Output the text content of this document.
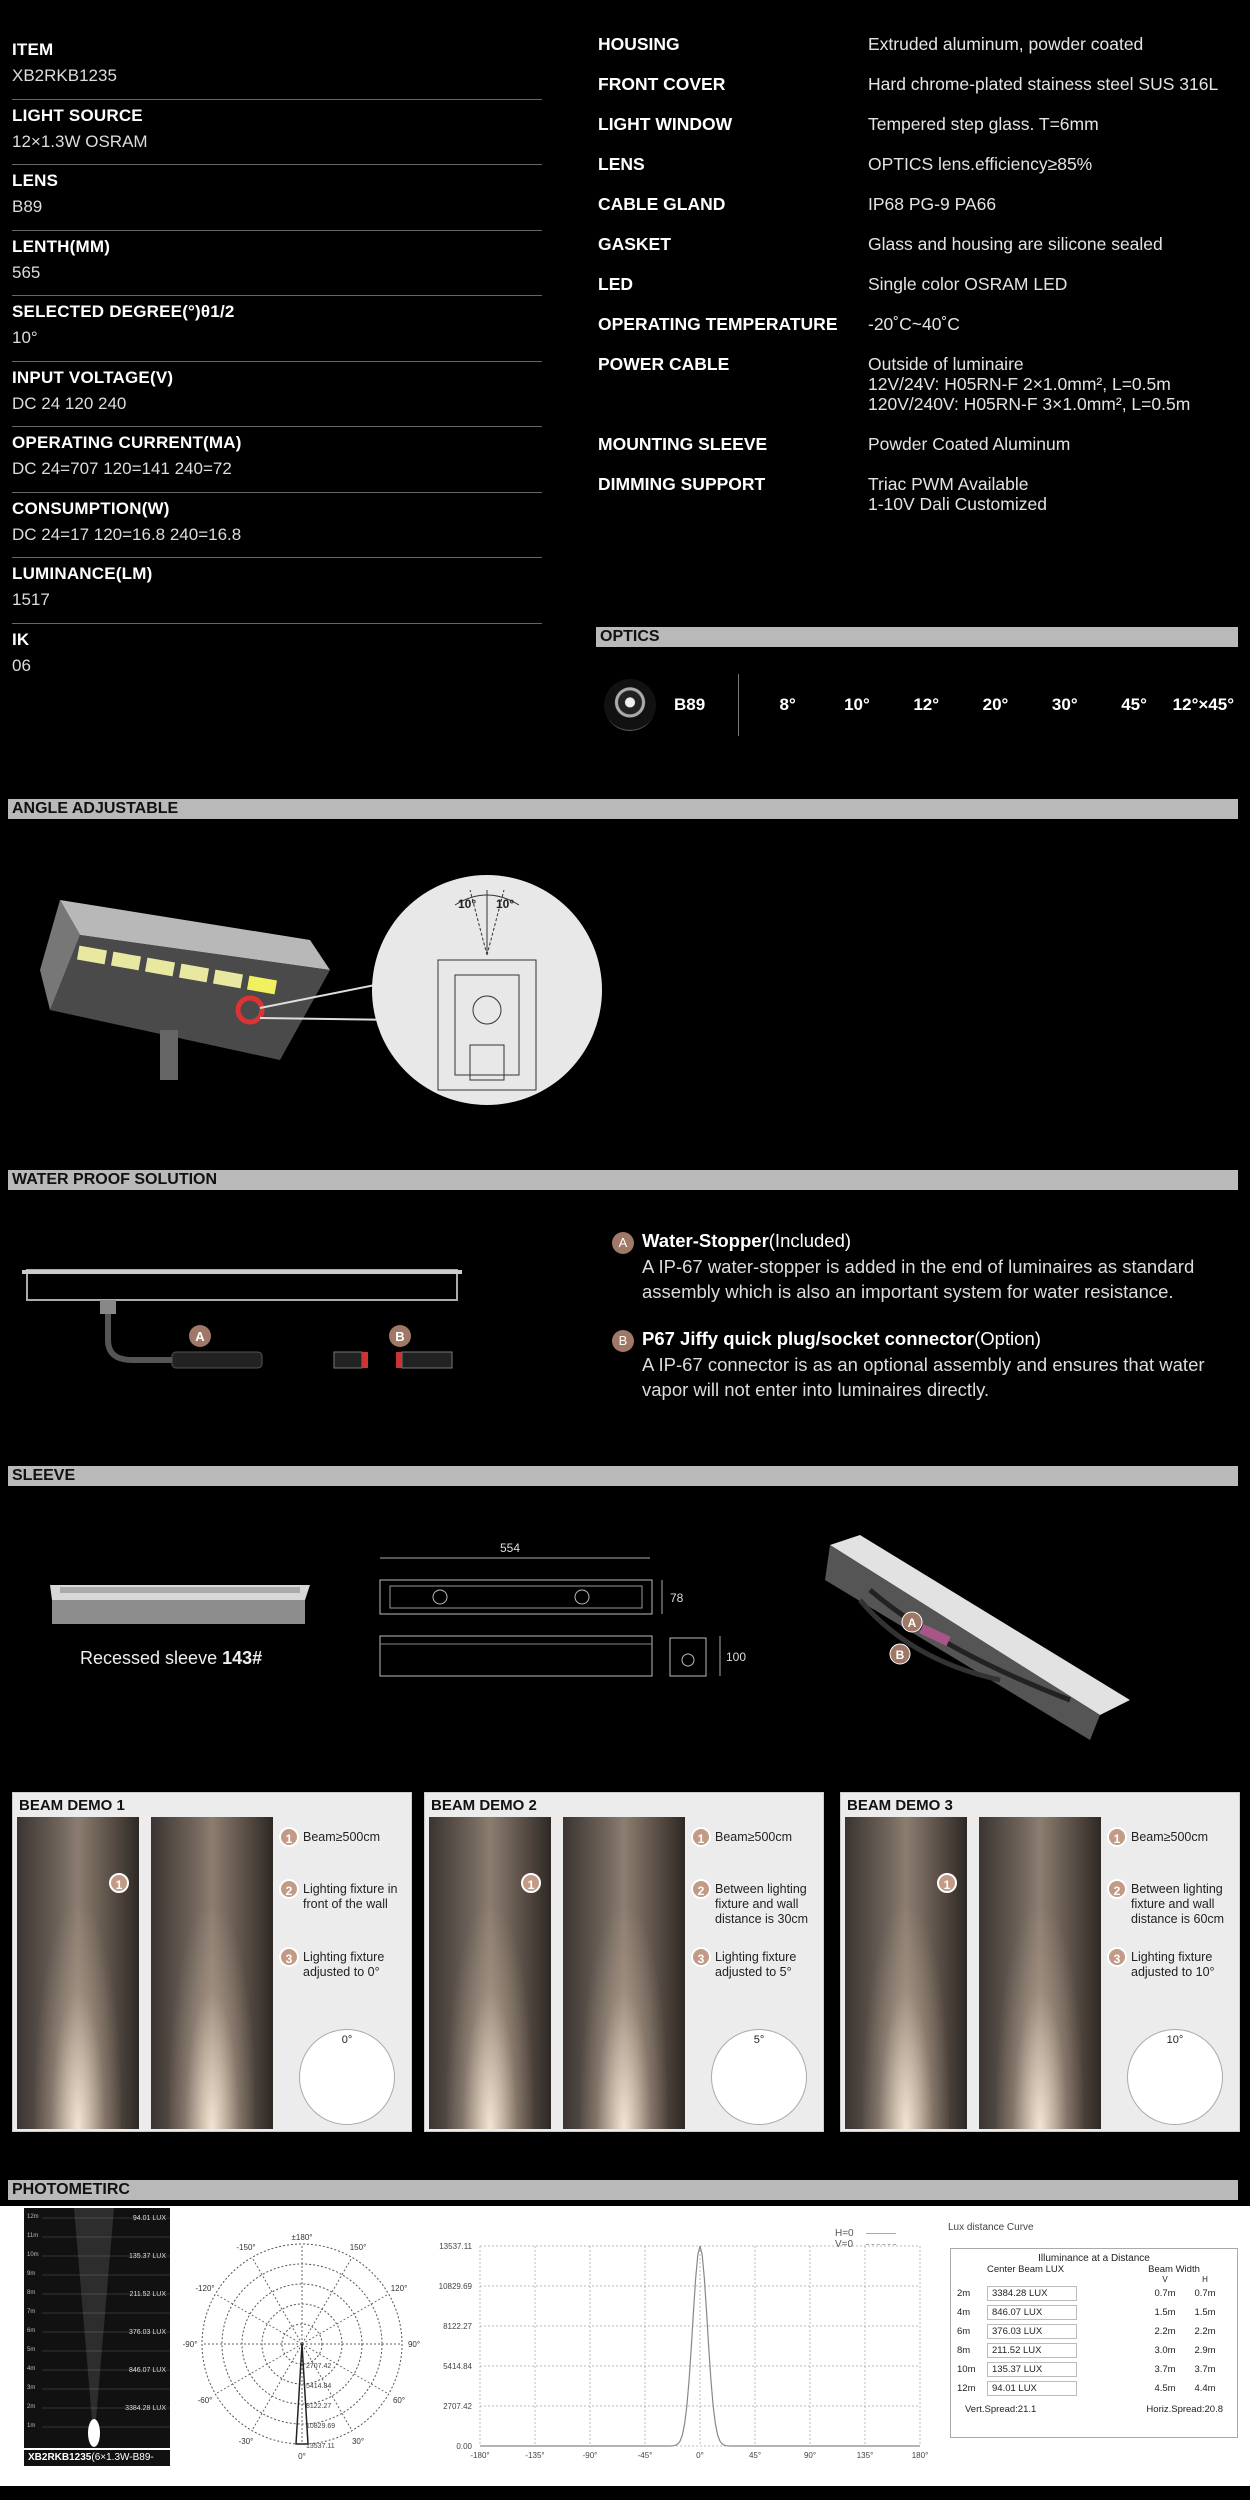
ITEM
XB2RKB1235
LIGHT SOURCE
12×1.3W OSRAM
LENS
B89
LENTH(MM)
565
SELECTED DEGREE(°)θ1/2
10°
INPUT VOLTAGE(V)
DC 24 120 240
OPERATING CURRENT(MA)
DC 24=707 120=141 240=72
CONSUMPTION(W)
DC 24=17 120=16.8 240=16.8
LUMINANCE(LM)
1517
IK
06
HOUSING	Extruded aluminum, powder coated
FRONT COVER	Hard chrome-plated stainess steel SUS 316L
LIGHT WINDOW	Tempered step glass. T=6mm
LENS	OPTICS lens.efficiency≥85%
CABLE GLAND	IP68 PG-9 PA66
GASKET	Glass and housing are silicone sealed
LED	Single color OSRAM LED
OPERATING TEMPERATURE	-20˚C~40˚C
POWER CABLE	Outside of luminaire
12V/24V: H05RN-F 2×1.0mm², L=0.5m
120V/240V: H05RN-F 3×1.0mm², L=0.5m
MOUNTING SLEEVE	Powder Coated Aluminum
DIMMING SUPPORT	Triac PWM Available
1-10V Dali Customized
OPTICS
B89	8°	10°	12°	20°	30°	45°	12°×45°
ANGLE ADJUSTABLE
10° 10°
WATER PROOF SOLUTION
A	B
A Water-Stopper(Included)
A IP-67 water-stopper is added in the end of luminaires as standard assembly which is also an important system for water resistance.
B P67 Jiffy quick plug/socket connector(Option)
A IP-67 connector is as an optional assembly and ensures that water vapor will not enter into luminaires directly.
SLEEVE
Recessed sleeve 143#
554
78
100
A
B
BEAM DEMO 1
1 Beam≥500cm
2 Lighting fixture in front of the wall
3 Lighting fixture adjusted to 0°
1
0°
BEAM DEMO 2
1 Beam≥500cm
2 Between lighting fixture and wall distance is 30cm
3 Lighting fixture adjusted to 5°
1
5°
BEAM DEMO 3
1 Beam≥500cm
2 Between lighting fixture and wall distance is 60cm
3 Lighting fixture adjusted to 10°
1
10°
PHOTOMETIRC
12m
11m
10m
9m
8m
7m
6m
5m
4m
3m
2m
1m
94.01 LUX
135.37 LUX
211.52 LUX
376.03 LUX
846.07 LUX
3384.28 LUX
XB2RKB1235(6×1.3W-B89-10°)
-150°	150°
-120°	120°
-90°	90°
-60°	60°
-30°	30°
0°
±180°
2707.42
5414.84
8122.27
10829.69
13537.11
13537.11
10829.69
8122.27
5414.84
2707.42
0.00
-180°	-135°	-90°	-45°	0°	45°	90°	135°	180°
H=0
V=0
Lux distance Curve
Illuminance at a Distance
Center Beam LUX	Beam Width
V	H
2m	3384.28 LUX	0.7m	0.7m
4m	846.07 LUX	1.5m	1.5m
6m	376.03 LUX	2.2m	2.2m
8m	211.52 LUX	3.0m	2.9m
10m	135.37 LUX	3.7m	3.7m
12m	94.01 LUX	4.5m	4.4m
Vert.Spread:21.1	Horiz.Spread:20.8
